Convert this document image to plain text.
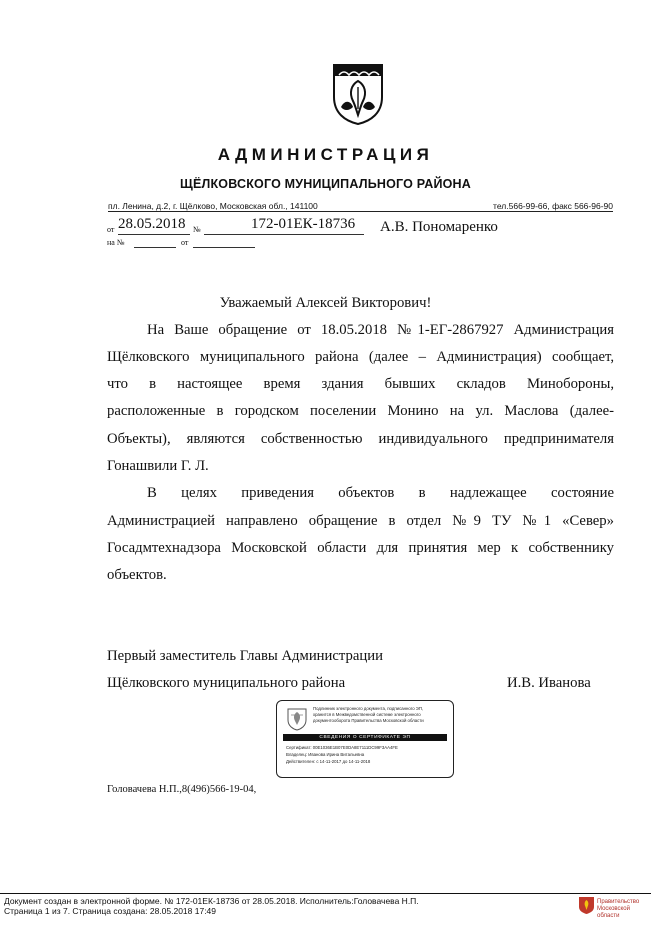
АДМИНИСТРАЦИЯ
ЩЁЛКОВСКОГО МУНИЦИПАЛЬНОГО РАЙОНА
пл. Ленина, д.2, г. Щёлково, Московская обл., 141100	тел.566-99-66, факс 566-96-90
от 28.05.2018 №	172-01ЕК-18736 А.В. Пономаренко
на №	от
Уважаемый Алексей Викторович!
На Ваше обращение от 18.05.2018 №1-ЕГ-2867927 Администрация
Щёлковского муниципального района (далее – Администрация) сообщает,
что в настоящее время здания бывших складов Минобороны,
расположенные в городском поселении Монино на ул. Маслова (далее-
Объекты), являются собственностью индивидуального предпринимателя
Гонашвили Г. Л.
В целях приведения объектов в надлежащее состояние
Администрацией направлено обращение в отдел №9 ТУ №1 «Север»
Госадмтехнадзора Московской области для принятия мер к собственнику
объектов.
Первый заместитель Главы Администрации
Щёлковского муниципального района	И.В. Иванова
Подлинник электронного документа, подписанного ЭП,
хранится в Межведомственной системе электронного
документооборота Правительства Московской области
СВЕДЕНИЯ О СЕРТИФИКАТЕ ЭП
Сертификат: 00E1036E1B07E0DA8E7111DC99F3AA4FE
Владелец: Иванова Ирина Витальевна
Действителен: с 14-11-2017 до 14-11-2018
Головачева Н.П.,8(496)566-19-04,
Документ создан в электронной форме. № 172-01ЕК-18736 от 28.05.2018. Исполнитель:Головачева Н.П.
Страница 1 из 7. Страница создана: 28.05.2018 17:49
Правительство
Московской области
